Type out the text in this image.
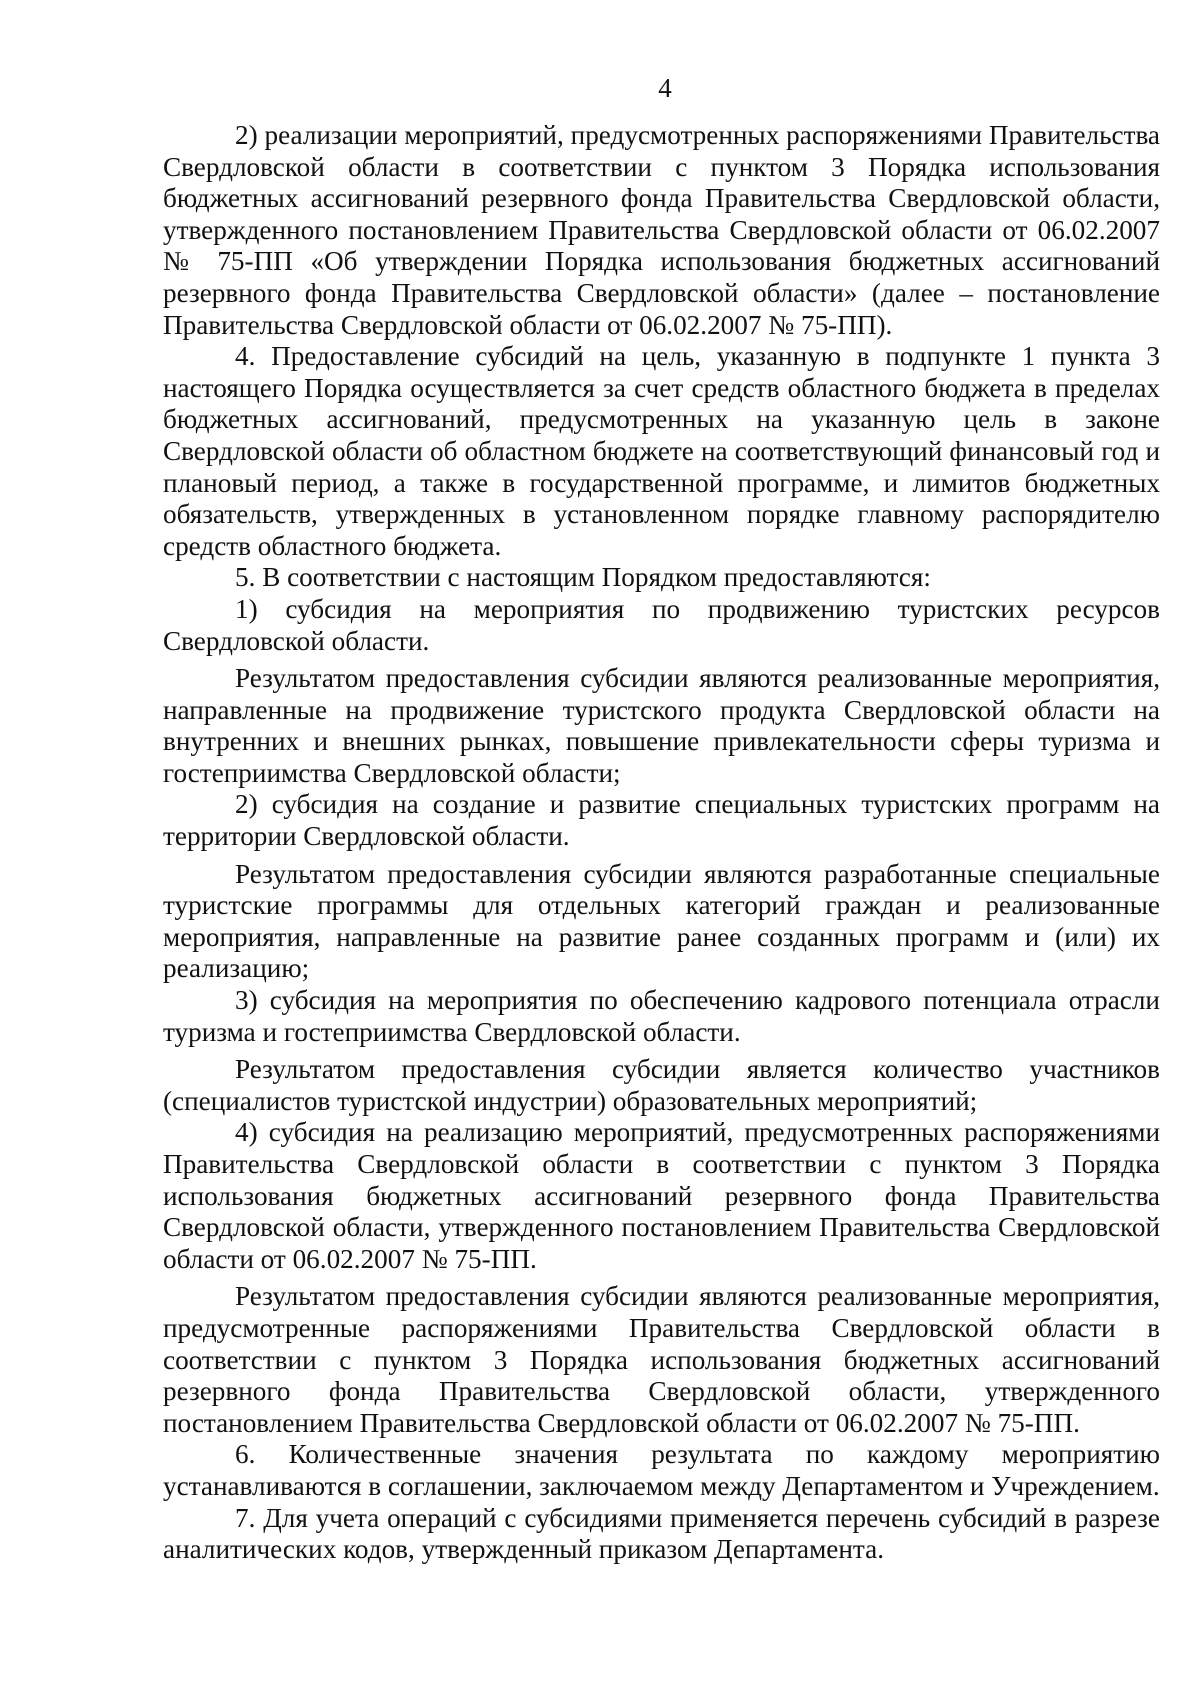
4

2) реализации мероприятий, предусмотренных распоряжениями Правительства Свердловской области в соответствии с пунктом 3 Порядка использования бюджетных ассигнований резервного фонда Правительства Свердловской области, утвержденного постановлением Правительства Свердловской области от 06.02.2007 № 75-ПП «Об утверждении Порядка использования бюджетных ассигнований резервного фонда Правительства Свердловской области» (далее – постановление Правительства Свердловской области от 06.02.2007 № 75-ПП).

4. Предоставление субсидий на цель, указанную в подпункте 1 пункта 3 настоящего Порядка осуществляется за счет средств областного бюджета в пределах бюджетных ассигнований, предусмотренных на указанную цель в законе Свердловской области об областном бюджете на соответствующий финансовый год и плановый период, а также в государственной программе, и лимитов бюджетных обязательств, утвержденных в установленном порядке главному распорядителю средств областного бюджета.

5. В соответствии с настоящим Порядком предоставляются:

1) субсидия на мероприятия по продвижению туристских ресурсов Свердловской области.

Результатом предоставления субсидии являются реализованные мероприятия, направленные на продвижение туристского продукта Свердловской области на внутренних и внешних рынках, повышение привлекательности сферы туризма и гостеприимства Свердловской области;

2) субсидия на создание и развитие специальных туристских программ на территории Свердловской области.

Результатом предоставления субсидии являются разработанные специальные туристские программы для отдельных категорий граждан и реализованные мероприятия, направленные на развитие ранее созданных программ и (или) их реализацию;

3) субсидия на мероприятия по обеспечению кадрового потенциала отрасли туризма и гостеприимства Свердловской области.

Результатом предоставления субсидии является количество участников (специалистов туристской индустрии) образовательных мероприятий;

4) субсидия на реализацию мероприятий, предусмотренных распоряжениями Правительства Свердловской области в соответствии с пунктом 3 Порядка использования бюджетных ассигнований резервного фонда Правительства Свердловской области, утвержденного постановлением Правительства Свердловской области от 06.02.2007 № 75-ПП.

Результатом предоставления субсидии являются реализованные мероприятия, предусмотренные распоряжениями Правительства Свердловской области в соответствии с пунктом 3 Порядка использования бюджетных ассигнований резервного фонда Правительства Свердловской области, утвержденного постановлением Правительства Свердловской области от 06.02.2007 № 75-ПП.

6. Количественные значения результата по каждому мероприятию устанавливаются в соглашении, заключаемом между Департаментом и Учреждением.

7. Для учета операций с субсидиями применяется перечень субсидий в разрезе аналитических кодов, утвержденный приказом Департамента.
